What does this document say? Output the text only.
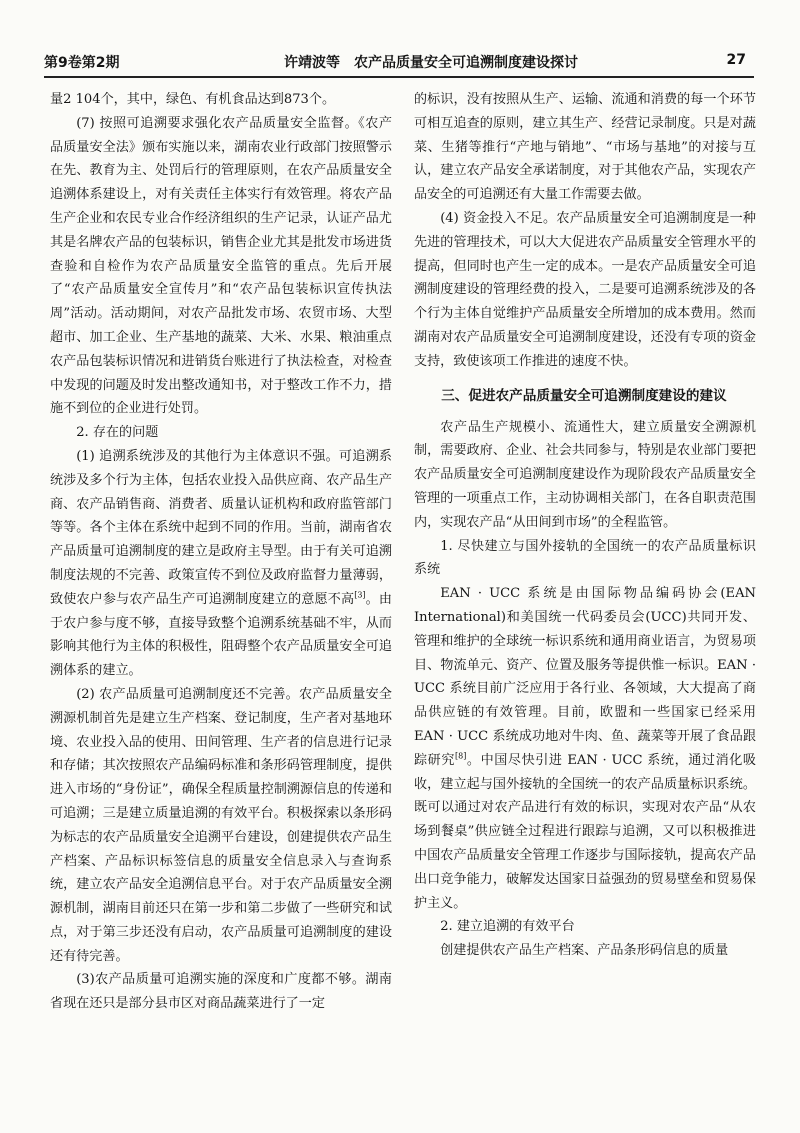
第9卷第2期	许靖波等　 农产品质量安全可追溯制度建设探讨	27

量2 104个，其中，绿色、有机食品达到873个。

(7) 按照可追溯要求强化农产品质量安全监督。《农产品质量安全法》颁布实施以来，湖南农业行政部门按照警示在先、教育为主、处罚后行的管理原则，在农产品质量安全追溯体系建设上，对有关责任主体实行有效管理。将农产品生产企业和农民专业合作经济组织的生产记录，认证产品尤其是名牌农产品的包装标识，销售企业尤其是批发市场进货查验和自检作为农产品质量安全监管的重点。先后开展了“农产品质量安全宣传月”和“农产品包装标识宣传执法周”活动。活动期间，对农产品批发市场、农贸市场、大型超市、加工企业、生产基地的蔬菜、大米、水果、粮油重点农产品包装标识情况和进销货台账进行了执法检查，对检查中发现的问题及时发出整改通知书，对于整改工作不力，措施不到位的企业进行处罚。

2. 存在的问题

(1) 追溯系统涉及的其他行为主体意识不强。可追溯系统涉及多个行为主体，包括农业投入品供应商、农产品生产商、农产品销售商、消费者、质量认证机构和政府监管部门等等。各个主体在系统中起到不同的作用。当前，湖南省农产品质量可追溯制度的建立是政府主导型。由于有关可追溯制度法规的不完善、政策宣传不到位及政府监督力量薄弱，致使农户参与农产品生产可追溯制度建立的意愿不高[3]。由于农户参与度不够，直接导致整个追溯系统基础不牢，从而影响其他行为主体的积极性，阻碍整个农产品质量安全可追溯体系的建立。

(2) 农产品质量可追溯制度还不完善。农产品质量安全溯源机制首先是建立生产档案、登记制度，生产者对基地环境、农业投入品的使用、田间管理、生产者的信息进行记录和存储；其次按照农产品编码标准和条形码管理制度，提供进入市场的“身份证”，确保全程质量控制溯源信息的传递和可追溯；三是建立质量追溯的有效平台。积极探索以条形码为标志的农产品质量安全追溯平台建设，创建提供农产品生产档案、产品标识标签信息的质量安全信息录入与查询系统，建立农产品安全追溯信息平台。对于农产品质量安全溯源机制，湖南目前还只在第一步和第二步做了一些研究和试点，对于第三步还没有启动，农产品质量可追溯制度的建设还有待完善。

(3)农产品质量可追溯实施的深度和广度都不够。湖南省现在还只是部分县市区对商品蔬菜进行了一定

的标识，没有按照从生产、运输、流通和消费的每一个环节可相互追查的原则，建立其生产、经营记录制度。只是对蔬菜、生猪等推行“产地与销地”、“市场与基地”的对接与互认，建立农产品安全承诺制度，对于其他农产品，实现农产品安全的可追溯还有大量工作需要去做。

(4) 资金投入不足。农产品质量安全可追溯制度是一种先进的管理技术，可以大大促进农产品质量安全管理水平的提高，但同时也产生一定的成本。一是农产品质量安全可追溯制度建设的管理经费的投入，二是要可追溯系统涉及的各个行为主体自觉维护产品质量安全所增加的成本费用。然而湖南对农产品质量安全可追溯制度建设，还没有专项的资金支持，致使该项工作推进的速度不快。

三、促进农产品质量安全可追溯制度建设的建议

农产品生产规模小、流通性大，建立质量安全溯源机制，需要政府、企业、社会共同参与，特别是农业部门要把农产品质量安全可追溯制度建设作为现阶段农产品质量安全管理的一项重点工作，主动协调相关部门，在各自职责范围内，实现农产品“从田间到市场”的全程监管。

1. 尽快建立与国外接轨的全国统一的农产品质量标识系统

EAN · UCC 系统是由国际物品编码协会(EAN International)和美国统一代码委员会(UCC)共同开发、管理和维护的全球统一标识系统和通用商业语言，为贸易项目、物流单元、资产、位置及服务等提供惟一标识。EAN · UCC 系统目前广泛应用于各行业、各领域，大大提高了商品供应链的有效管理。目前，欧盟和一些国家已经采用 EAN · UCC 系统成功地对牛肉、鱼、蔬菜等开展了食品跟踪研究[8]。中国尽快引进 EAN · UCC 系统，通过消化吸收，建立起与国外接轨的全国统一的农产品质量标识系统。既可以通过对农产品进行有效的标识，实现对农产品“从农场到餐桌”供应链全过程进行跟踪与追溯，又可以积极推进中国农产品质量安全管理工作逐步与国际接轨，提高农产品出口竞争能力，破解发达国家日益强劲的贸易壁垒和贸易保护主义。

2. 建立追溯的有效平台

创建提供农产品生产档案、产品条形码信息的质量
